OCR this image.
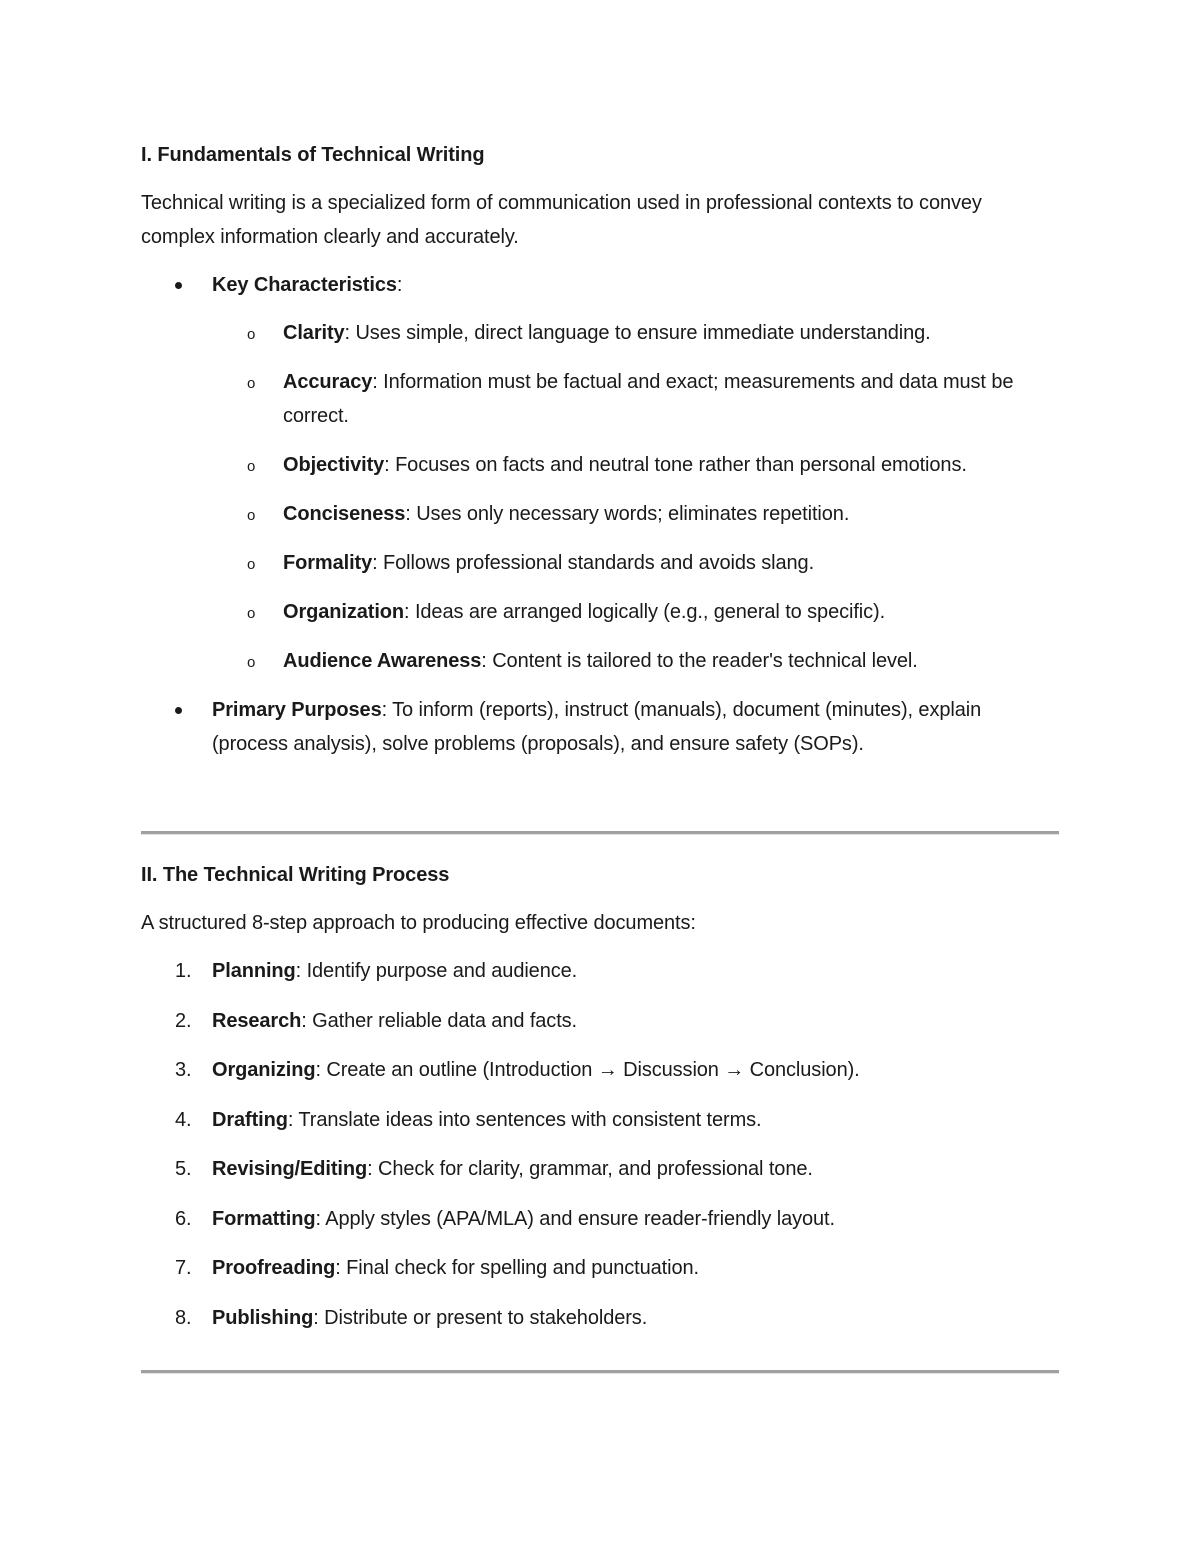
I. Fundamentals of Technical Writing
Technical writing is a specialized form of communication used in professional contexts to convey complex information clearly and accurately.
Key Characteristics:
o Clarity: Uses simple, direct language to ensure immediate understanding.
o Accuracy: Information must be factual and exact; measurements and data must be correct.
o Objectivity: Focuses on facts and neutral tone rather than personal emotions.
o Conciseness: Uses only necessary words; eliminates repetition.
o Formality: Follows professional standards and avoids slang.
o Organization: Ideas are arranged logically (e.g., general to specific).
o Audience Awareness: Content is tailored to the reader's technical level.
Primary Purposes: To inform (reports), instruct (manuals), document (minutes), explain (process analysis), solve problems (proposals), and ensure safety (SOPs).
II. The Technical Writing Process
A structured 8-step approach to producing effective documents:
1. Planning: Identify purpose and audience.
2. Research: Gather reliable data and facts.
3. Organizing: Create an outline (Introduction → Discussion → Conclusion).
4. Drafting: Translate ideas into sentences with consistent terms.
5. Revising/Editing: Check for clarity, grammar, and professional tone.
6. Formatting: Apply styles (APA/MLA) and ensure reader-friendly layout.
7. Proofreading: Final check for spelling and punctuation.
8. Publishing: Distribute or present to stakeholders.
